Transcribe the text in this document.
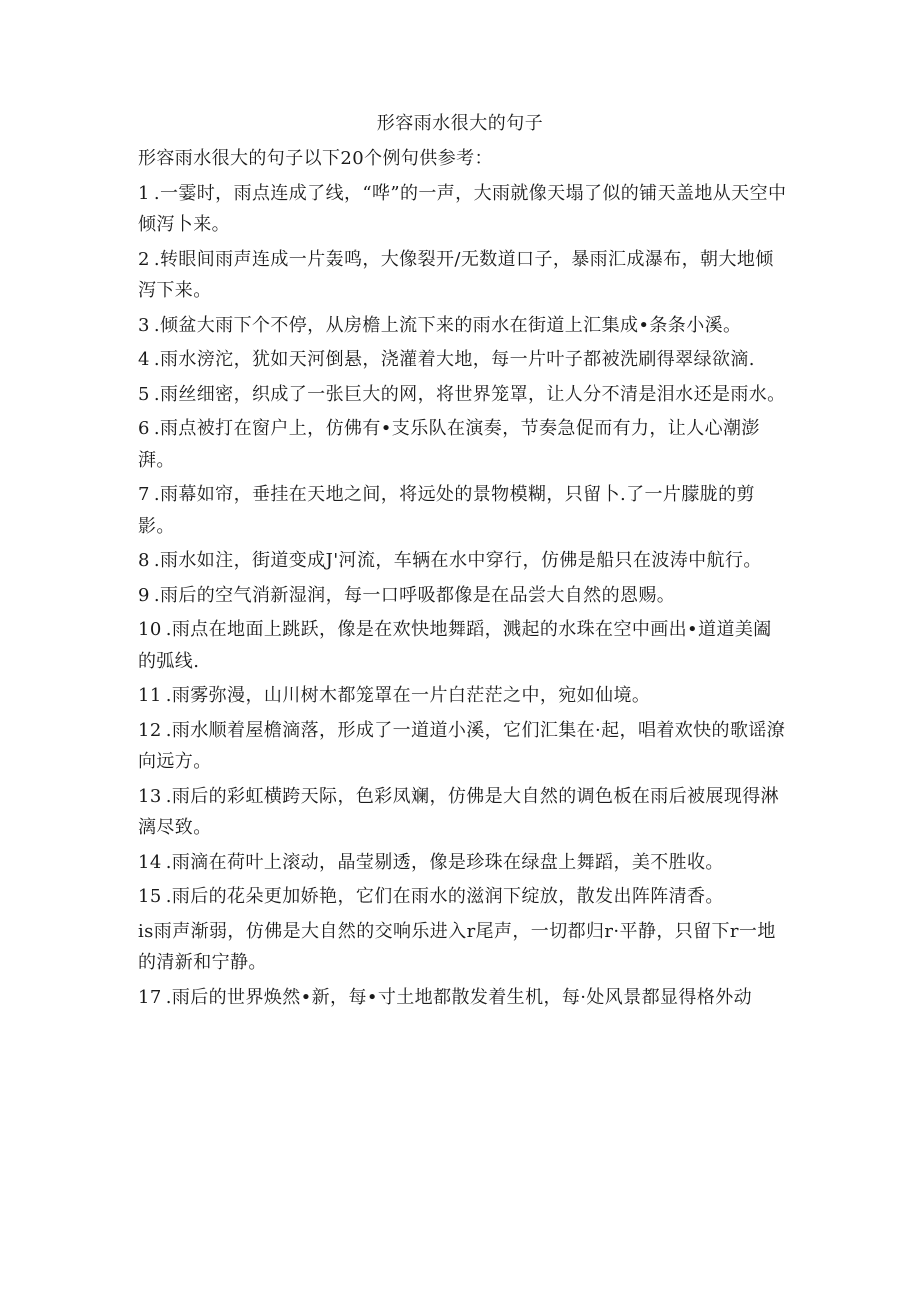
形容雨水很大的句子
形容雨水很大的句子以下20个例句供参考：
1 .一霎时，雨点连成了线，“哗”的一声，大雨就像天塌了似的铺天盖地从天空中倾泻卜来。
2 .转眼间雨声连成一片轰鸣，大像裂开/无数道口子，暴雨汇成瀑布，朝大地倾泻下来。
3 .倾盆大雨下个不停，从房檐上流下来的雨水在街道上汇集成•条条小溪。
4 .雨水滂沱，犹如天河倒悬，浇灌着大地，每一片叶子都被洗刷得翠绿欲滴.
5 .雨丝细密，织成了一张巨大的网，将世界笼罩，让人分不清是泪水还是雨水。
6 .雨点被打在窗户上，仿佛有•支乐队在演奏，节奏急促而有力，让人心潮澎湃。
7 .雨幕如帘，垂挂在天地之间，将远处的景物模糊，只留卜.了一片朦胧的剪影。
8 .雨水如注，街道变成J'河流，车辆在水中穿行，仿佛是船只在波涛中航行。
9 .雨后的空气消新湿润，每一口呼吸都像是在品尝大自然的恩赐。
10 .雨点在地面上跳跃，像是在欢快地舞蹈，溅起的水珠在空中画出•道道美阖的弧线.
11 .雨雾弥漫，山川树木都笼罩在一片白茫茫之中，宛如仙境。
12 .雨水顺着屋檐滴落，形成了一道道小溪，它们汇集在·起，唱着欢快的歌谣潦向远方。
13 .雨后的彩虹横跨天际，色彩凤斓，仿佛是大自然的调色板在雨后被展现得淋漓尽致。
14 .雨滴在荷叶上滚动，晶莹剔透，像是珍珠在绿盘上舞蹈，美不胜收。
15 .雨后的花朵更加娇艳，它们在雨水的滋润下绽放，散发出阵阵清香。
is雨声渐弱，仿佛是大自然的交响乐进入r尾声，一切都归r·平静，只留下r一地的清新和宁静。
17 .雨后的世界焕然•新，每•寸土地都散发着生机，每·处风景都显得格外动
